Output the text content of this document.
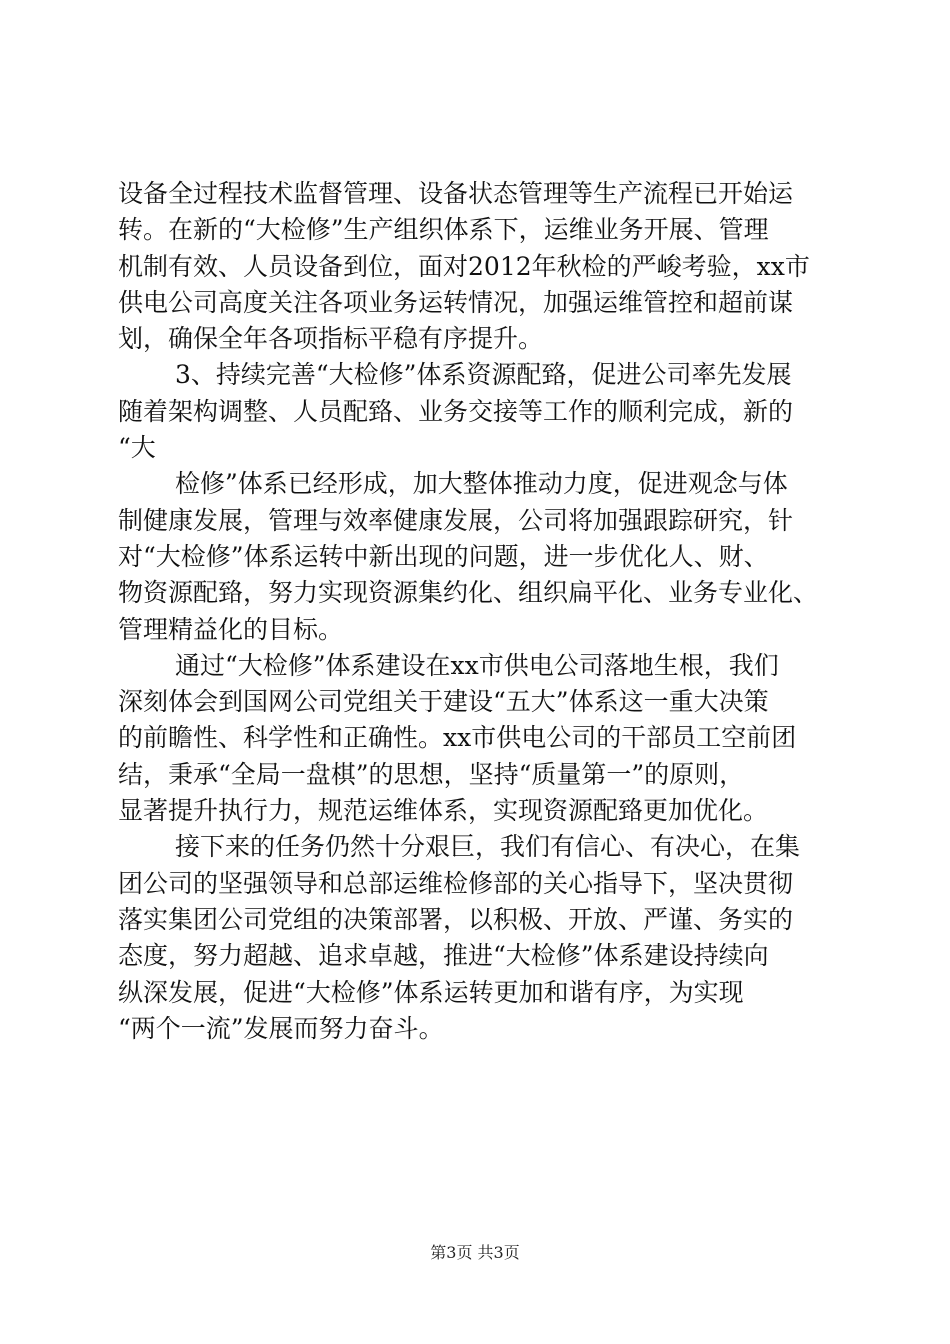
设备全过程技术监督管理、设备状态管理等生产流程已开始运
转。在新的“大检修”生产组织体系下，运维业务开展、管理
机制有效、人员设备到位，面对2012年秋检的严峻考验，xx市
供电公司高度关注各项业务运转情况，加强运维管控和超前谋
划，确保全年各项指标平稳有序提升。
3、持续完善“大检修”体系资源配臵，促进公司率先发展
随着架构调整、人员配臵、业务交接等工作的顺利完成，新的
“大
检修”体系已经形成，加大整体推动力度，促进观念与体
制健康发展，管理与效率健康发展，公司将加强跟踪研究，针
对“大检修”体系运转中新出现的问题，进一步优化人、财、
物资源配臵，努力实现资源集约化、组织扁平化、业务专业化、
管理精益化的目标。
通过“大检修”体系建设在xx市供电公司落地生根，我们
深刻体会到国网公司党组关于建设“五大”体系这一重大决策
的前瞻性、科学性和正确性。xx市供电公司的干部员工空前团
结，秉承“全局一盘棋”的思想，坚持“质量第一”的原则，
显著提升执行力，规范运维体系，实现资源配臵更加优化。
接下来的任务仍然十分艰巨，我们有信心、有决心，在集
团公司的坚强领导和总部运维检修部的关心指导下，坚决贯彻
落实集团公司党组的决策部署，以积极、开放、严谨、务实的
态度，努力超越、追求卓越，推进“大检修”体系建设持续向
纵深发展，促进“大检修”体系运转更加和谐有序，为实现
“两个一流”发展而努力奋斗。
第3页 共3页
